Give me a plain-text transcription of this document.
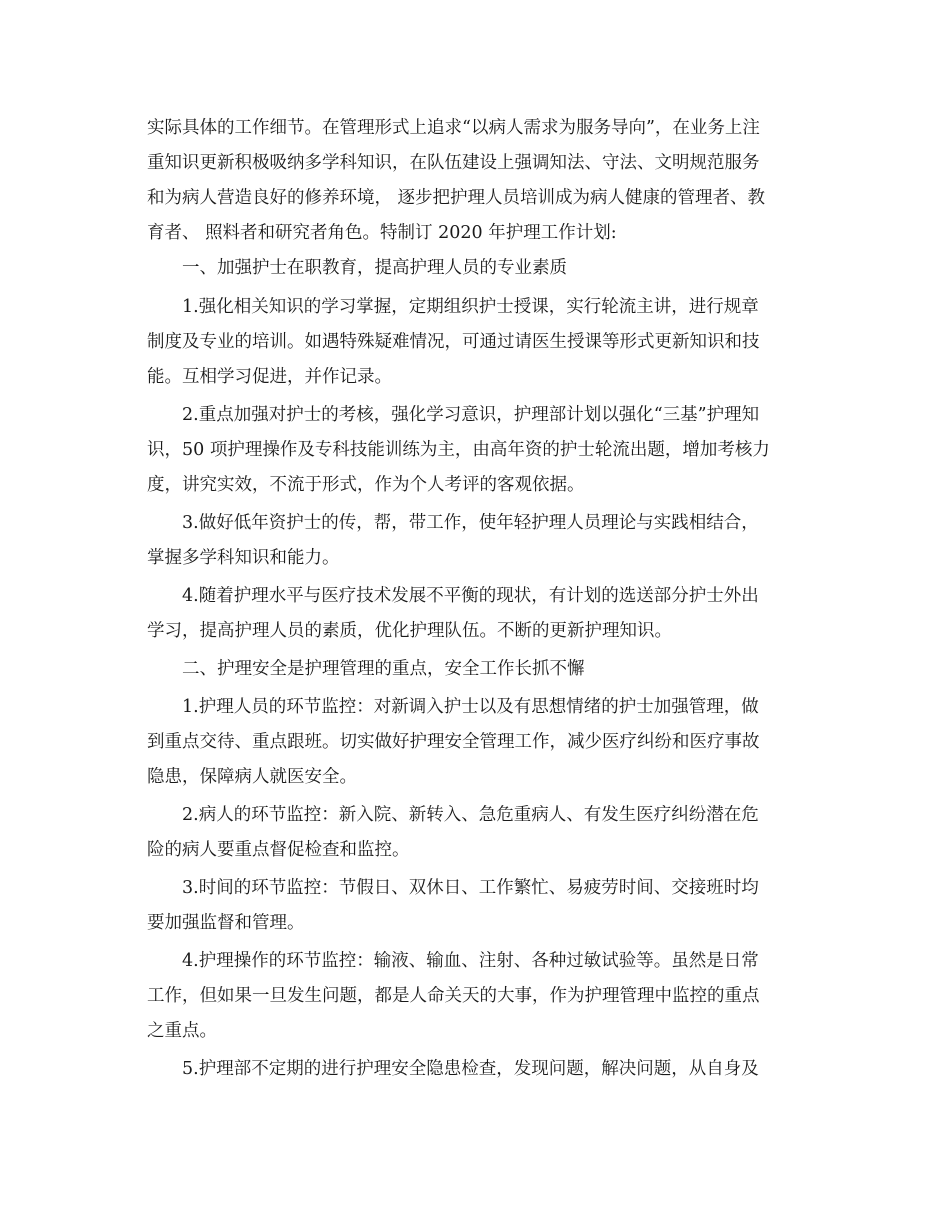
实际具体的工作细节。在管理形式上追求“以病人需求为服务导向”，在业务上注
重知识更新积极吸纳多学科知识，在队伍建设上强调知法、守法、文明规范服务
和为病人营造良好的修养环境， 逐步把护理人员培训成为病人健康的管理者、教
育者、 照料者和研究者角色。特制订 2020 年护理工作计划:
一、加强护士在职教育，提高护理人员的专业素质
1.强化相关知识的学习掌握，定期组织护士授课，实行轮流主讲，进行规章
制度及专业的培训。如遇特殊疑难情况，可通过请医生授课等形式更新知识和技
能。互相学习促进，并作记录。
2.重点加强对护士的考核，强化学习意识，护理部计划以强化“三基”护理知
识，50 项护理操作及专科技能训练为主，由高年资的护士轮流出题，增加考核力
度，讲究实效，不流于形式，作为个人考评的客观依据。
3.做好低年资护士的传，帮，带工作，使年轻护理人员理论与实践相结合，
掌握多学科知识和能力。
4.随着护理水平与医疗技术发展不平衡的现状，有计划的选送部分护士外出
学习，提高护理人员的素质，优化护理队伍。不断的更新护理知识。
二、护理安全是护理管理的重点，安全工作长抓不懈
1.护理人员的环节监控：对新调入护士以及有思想情绪的护士加强管理，做
到重点交待、重点跟班。切实做好护理安全管理工作，减少医疗纠纷和医疗事故
隐患，保障病人就医安全。
2.病人的环节监控：新入院、新转入、急危重病人、有发生医疗纠纷潜在危
险的病人要重点督促检查和监控。
3.时间的环节监控：节假日、双休日、工作繁忙、易疲劳时间、交接班时均
要加强监督和管理。
4.护理操作的环节监控：输液、输血、注射、各种过敏试验等。虽然是日常
工作，但如果一旦发生问题，都是人命关天的大事，作为护理管理中监控的重点
之重点。
5.护理部不定期的进行护理安全隐患检查，发现问题，解决问题，从自身及
